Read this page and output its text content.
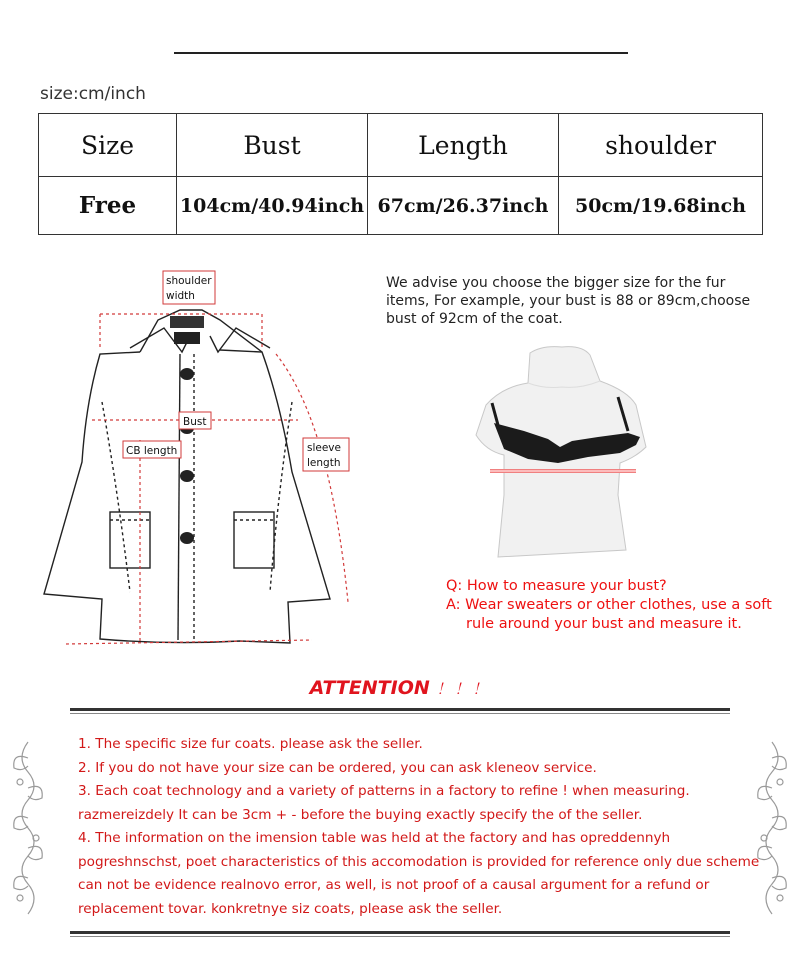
size:cm/inch
Size	Bust	Length	shoulder
Free	104cm/40.94inch	67cm/26.37inch	50cm/19.68inch
shoulder
width
Bust
CB length	sleeve
length
We advise you choose the bigger size for the fur
items, For example, your bust is 88 or 89cm,choose
bust of 92cm of the coat.
Q: How to measure your bust?
A: Wear sweaters or other clothes, use a soft
rule around your bust and measure it.
ATTENTION ！！！
1. The specific size fur coats. please ask the seller.
2. If you do not have your size can be ordered, you can ask kleneov service.
3. Each coat technology and a variety of patterns in a factory to refine ! when measuring.
razmereizdely It can be 3cm + - before the buying exactly specify the of the seller.
4. The information on the imension table was held at the factory and has opreddennyh
pogreshnschst, poet characteristics of this accomodation is provided for reference only due scheme
can not be evidence realnovo error, as well, is not proof of a causal argument for a refund or
replacement tovar. konkretnye siz coats, please ask the seller.
